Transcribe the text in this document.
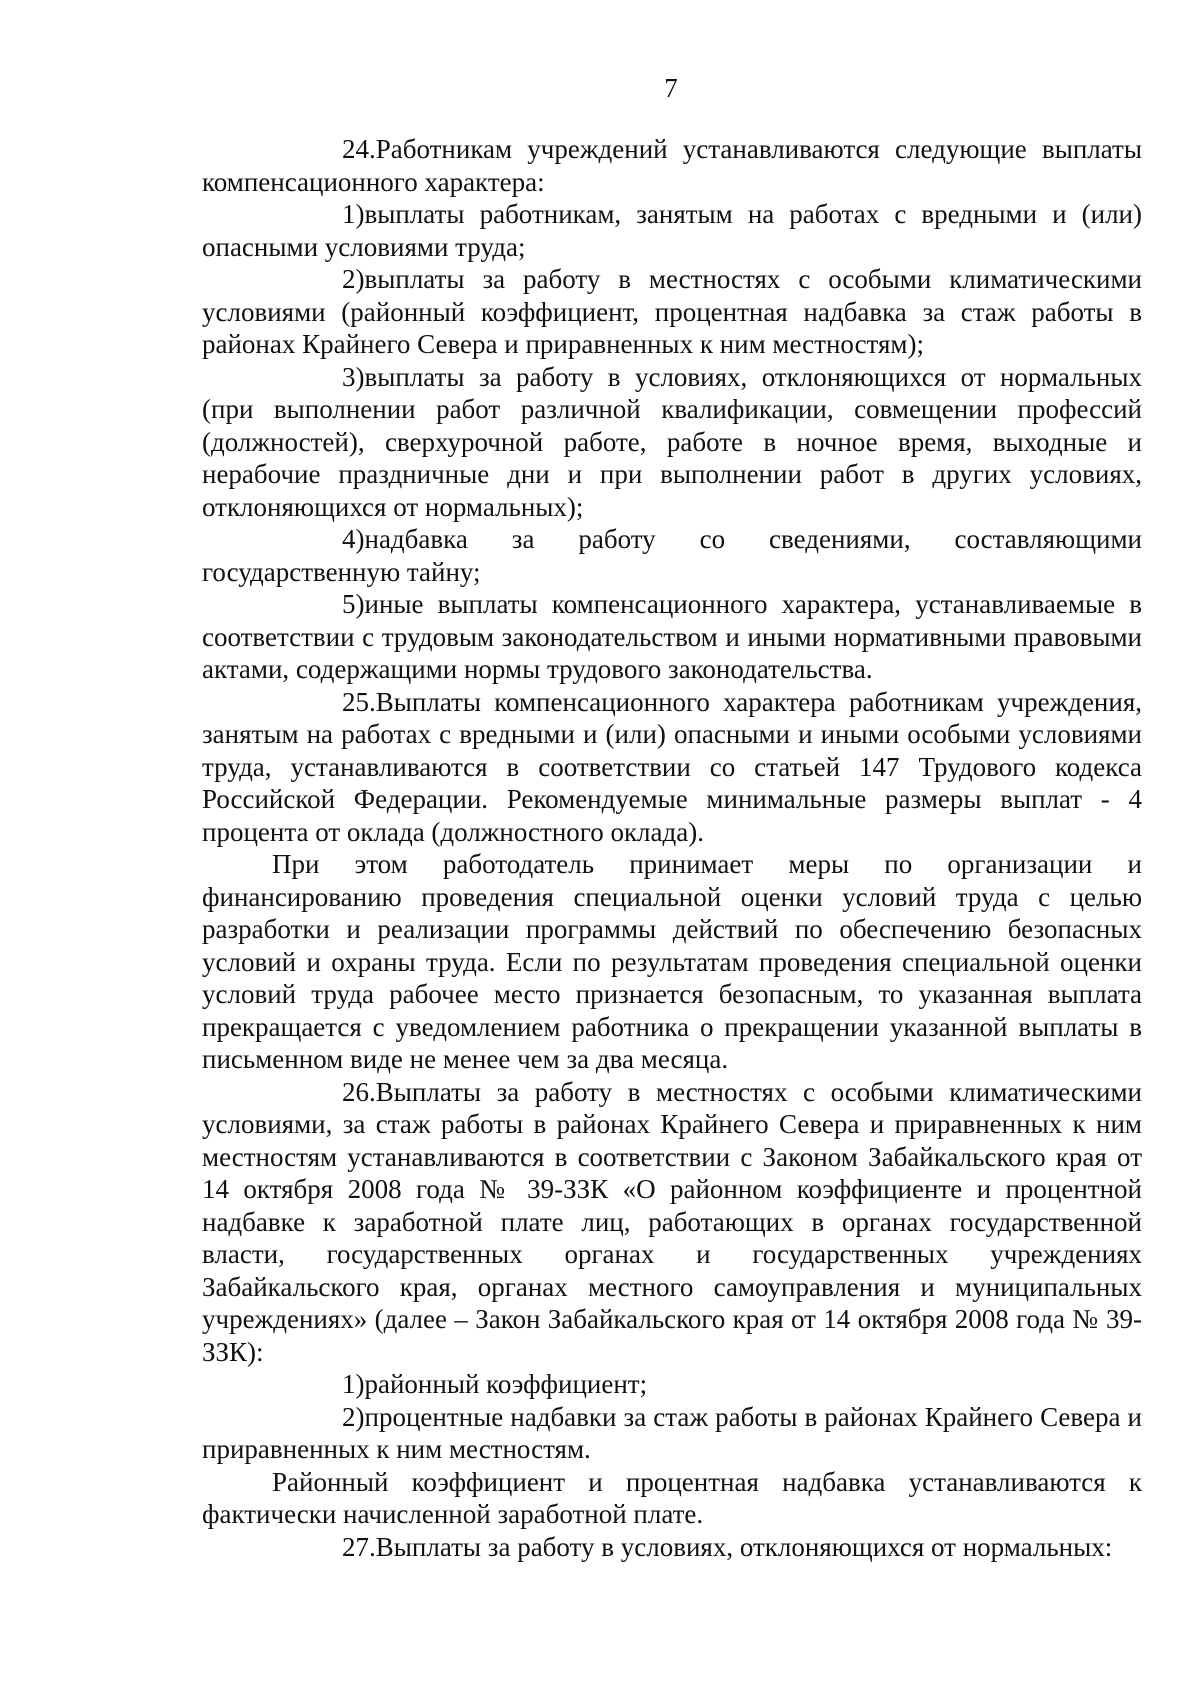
7

24.Работникам учреждений устанавливаются следующие выплаты компенсационного характера:

1)выплаты работникам, занятым на работах с вредными и (или) опасными условиями труда;

2)выплаты за работу в местностях с особыми климатическими условиями (районный коэффициент, процентная надбавка за стаж работы в районах Крайнего Севера и приравненных к ним местностям);

3)выплаты за работу в условиях, отклоняющихся от нормальных (при выполнении работ различной квалификации, совмещении профессий (должностей), сверхурочной работе, работе в ночное время, выходные и нерабочие праздничные дни и при выполнении работ в других условиях, отклоняющихся от нормальных);

4)надбавка за работу со сведениями, составляющими государственную тайну;

5)иные выплаты компенсационного характера, устанавливаемые в соответствии с трудовым законодательством и иными нормативными правовыми актами, содержащими нормы трудового законодательства.

25.Выплаты компенсационного характера работникам учреждения, занятым на работах с вредными и (или) опасными и иными особыми условиями труда, устанавливаются в соответствии со статьей 147 Трудового кодекса Российской Федерации. Рекомендуемые минимальные размеры выплат - 4 процента от оклада (должностного оклада).

При этом работодатель принимает меры по организации и финансированию проведения специальной оценки условий труда с целью разработки и реализации программы действий по обеспечению безопасных условий и охраны труда. Если по результатам проведения специальной оценки условий труда рабочее место признается безопасным, то указанная выплата прекращается с уведомлением работника о прекращении указанной выплаты в письменном виде не менее чем за два месяца.

26.Выплаты за работу в местностях с особыми климатическими условиями, за стаж работы в районах Крайнего Севера и приравненных к ним местностям устанавливаются в соответствии с Законом Забайкальского края от 14 октября 2008 года № 39-ЗЗК «О районном коэффициенте и процентной надбавке к заработной плате лиц, работающих в органах государственной власти, государственных органах и государственных учреждениях Забайкальского края, органах местного самоуправления и муниципальных учреждениях» (далее – Закон Забайкальского края от 14 октября 2008 года № 39-ЗЗК):

1)районный коэффициент;

2)процентные надбавки за стаж работы в районах Крайнего Севера и приравненных к ним местностям.

Районный коэффициент и процентная надбавка устанавливаются к фактически начисленной заработной плате.

27.Выплаты за работу в условиях, отклоняющихся от нормальных:
